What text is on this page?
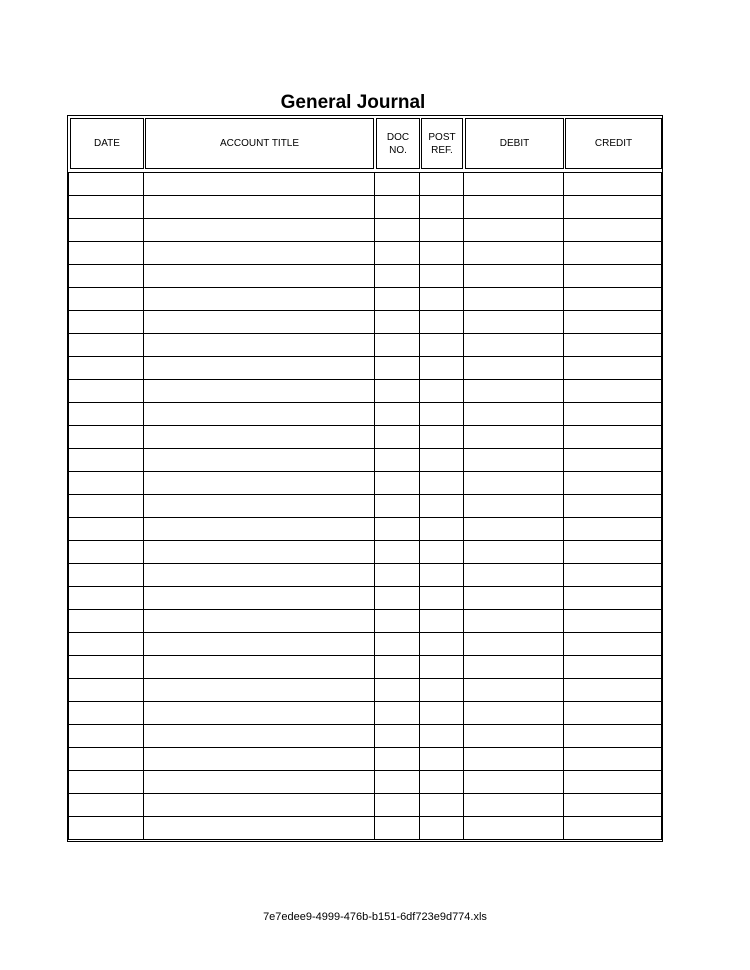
General Journal
DATE	ACCOUNT TITLE
DOC
NO.
POST
REF.
DEBIT	CREDIT
7e7edee9-4999-476b-b151-6df723e9d774.xls
